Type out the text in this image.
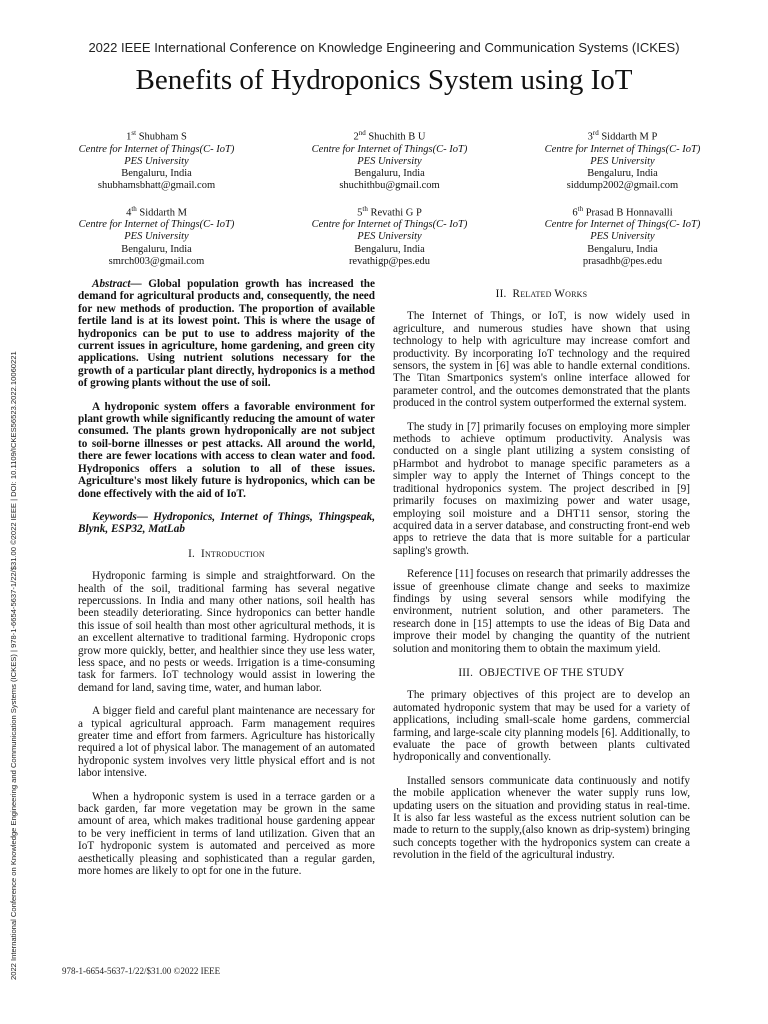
2022 IEEE International Conference on Knowledge Engineering and Communication Systems (ICKES)
Benefits of Hydroponics System using IoT
2022 International Conference on Knowledge Engineering and Communication Systems (ICKES) | 978-1-6654-5637-1/22/$31.00 ©2022 IEEE | DOI: 10.1109/ICKES56523.2022.10060221
1st Shubham S
Centre for Internet of Things(C- IoT)
PES University
Bengaluru, India
shubhamsbhatt@gmail.com
2nd Shuchith B U
Centre for Internet of Things(C- IoT)
PES University
Bengaluru, India
shuchithbu@gmail.com
3rd Siddarth M P
Centre for Internet of Things(C- IoT)
PES University
Bengaluru, India
siddump2002@gmail.com
4th Siddarth M
Centre for Internet of Things(C- IoT)
PES University
Bengaluru, India
smrch003@gmail.com
5th Revathi G P
Centre for Internet of Things(C- IoT)
PES University
Bengaluru, India
revathigp@pes.edu
6th Prasad B Honnavalli
Centre for Internet of Things(C- IoT)
PES University
Bengaluru, India
prasadhb@pes.edu

Abstract— Global population growth has increased the demand for agricultural products and, consequently, the need for new methods of production. The proportion of available fertile land is at its lowest point. This is where the usage of hydroponics can be put to use to address majority of the current issues in agriculture, home gardening, and green city applications. Using nutrient solutions necessary for the growth of a particular plant directly, hydroponics is a method of growing plants without the use of soil.

A hydroponic system offers a favorable environment for plant growth while significantly reducing the amount of water consumed. The plants grown hydroponically are not subject to soil-borne illnesses or pest attacks. All around the world, there are fewer locations with access to clean water and food. Hydroponics offers a solution to all of these issues. Agriculture's most likely future is hydroponics, which can be done effectively with the aid of IoT.

Keywords— Hydroponics, Internet of Things, Thingspeak, Blynk, ESP32, MatLab

I. Introduction

Hydroponic farming is simple and straightforward. On the health of the soil, traditional farming has several negative repercussions. In India and many other nations, soil health has been steadily deteriorating. Since hydroponics can better handle this issue of soil health than most other agricultural methods, it is an excellent alternative to traditional farming. Hydroponic crops grow more quickly, better, and healthier since they use less water, less space, and no pests or weeds. Irrigation is a time-consuming task for farmers. IoT technology would assist in lowering the demand for land, saving time, water, and human labor.

A bigger field and careful plant maintenance are necessary for a typical agricultural approach. Farm management requires greater time and effort from farmers. Agriculture has historically required a lot of physical labor. The management of an automated hydroponic system involves very little physical effort and is not labor intensive.

When a hydroponic system is used in a terrace garden or a back garden, far more vegetation may be grown in the same amount of area, which makes traditional house gardening appear to be very inefficient in terms of land utilization. Given that an IoT hydroponic system is automated and perceived as more aesthetically pleasing and sophisticated than a regular garden, more homes are likely to opt for one in the future.

II. Related Works

The Internet of Things, or IoT, is now widely used in agriculture, and numerous studies have shown that using technology to help with agriculture may increase comfort and productivity. By incorporating IoT technology and the required sensors, the system in [6] was able to handle external conditions. The Titan Smartponics system's online interface allowed for parameter control, and the outcomes demonstrated that the plants produced in the control system outperformed the external system.

The study in [7] primarily focuses on employing more simpler methods to achieve optimum productivity. Analysis was conducted on a single plant utilizing a system consisting of pHarmbot and hydrobot to manage specific parameters as a simpler way to apply the Internet of Things concept to the traditional hydroponics system. The project described in [9] primarily focuses on maximizing power and water usage, employing soil moisture and a DHT11 sensor, storing the acquired data in a server database, and constructing front-end web apps to retrieve the data that is more suitable for a particular sapling's growth.

Reference [11] focuses on research that primarily addresses the issue of greenhouse climate change and seeks to maximize findings by using several sensors while modifying the environment, nutrient solution, and other parameters. The research done in [15] attempts to use the ideas of Big Data and improve their model by changing the quantity of the nutrient solution and monitoring them to obtain the maximum yield.

III. OBJECTIVE OF THE STUDY

The primary objectives of this project are to develop an automated hydroponic system that may be used for a variety of applications, including small-scale home gardens, commercial farming, and large-scale city planning models [6]. Additionally, to evaluate the pace of growth between plants cultivated hydroponically and conventionally.

Installed sensors communicate data continuously and notify the mobile application whenever the water supply runs low, updating users on the situation and providing status in real-time. It is also far less wasteful as the excess nutrient solution can be made to return to the supply,(also known as drip-system) bringing such concepts together with the hydroponics system can create a revolution in the field of the agricultural industry.

978-1-6654-5637-1/22/$31.00 ©2022 IEEE
